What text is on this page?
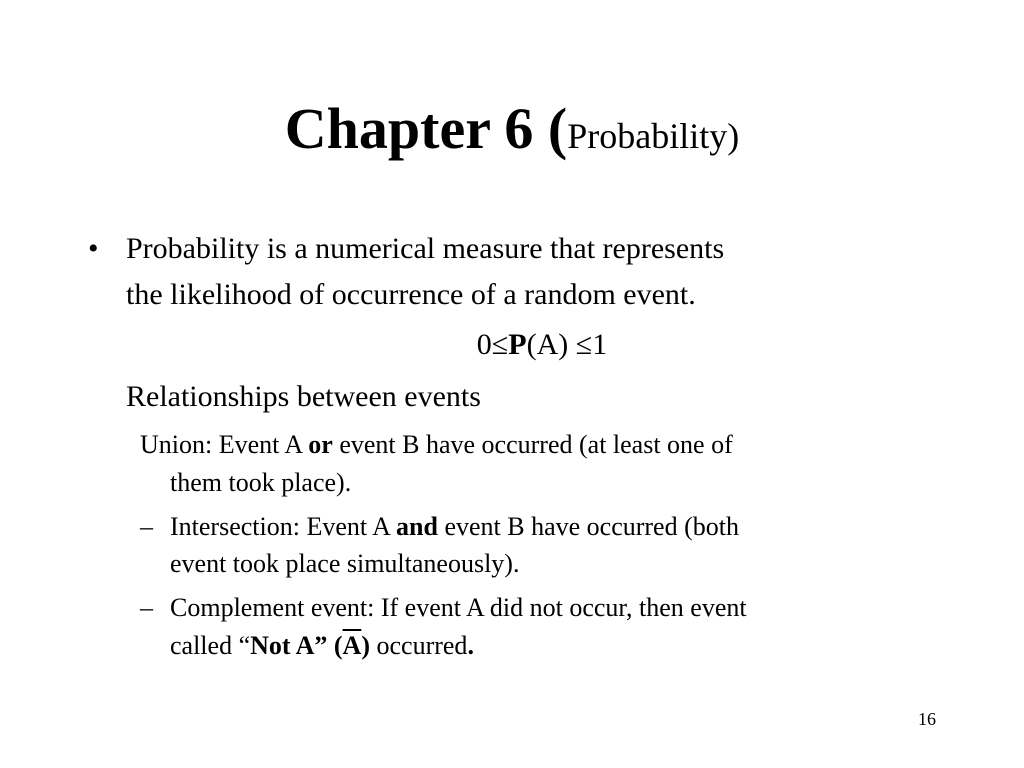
Chapter 6 (Probability)
• Probability is a numerical measure that represents
the likelihood of occurrence of a random event.
0≤P(A) ≤1
Relationships between events
Union: Event A or event B have occurred (at least one of
them took place).
– Intersection: Event A and event B have occurred (both
event took place simultaneously).
– Complement event: If event A did not occur, then event
called “Not A” $(\overline{A})$ occurred.
16
